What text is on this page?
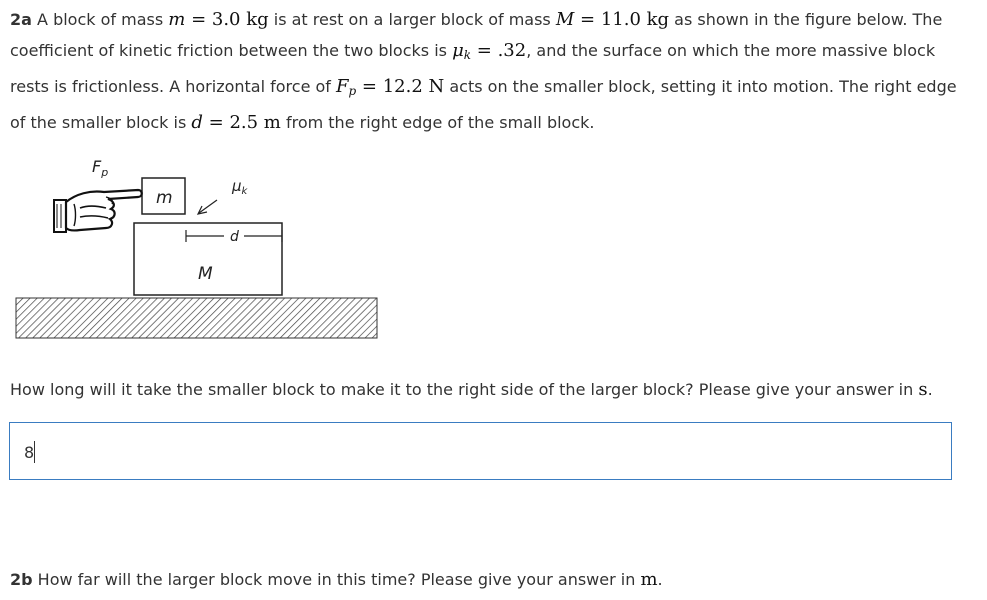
2a A block of mass m = 3.0 kg is at rest on a larger block of mass M = 11.0 kg as shown in the figure below. The coefficient of kinetic friction between the two blocks is $\mu_k = .32$, and the surface on which the more massive block rests is frictionless. A horizontal force of $F_p = 12.2$ N acts on the smaller block, setting it into motion. The right edge of the smaller block is d = 2.5 m from the right edge of the small block.
M
m
$\mu_k$
d
$F_p$
How long will it take the smaller block to make it to the right side of the larger block? Please give your answer in s.
8
2b How far will the larger block move in this time? Please give your answer in m.
